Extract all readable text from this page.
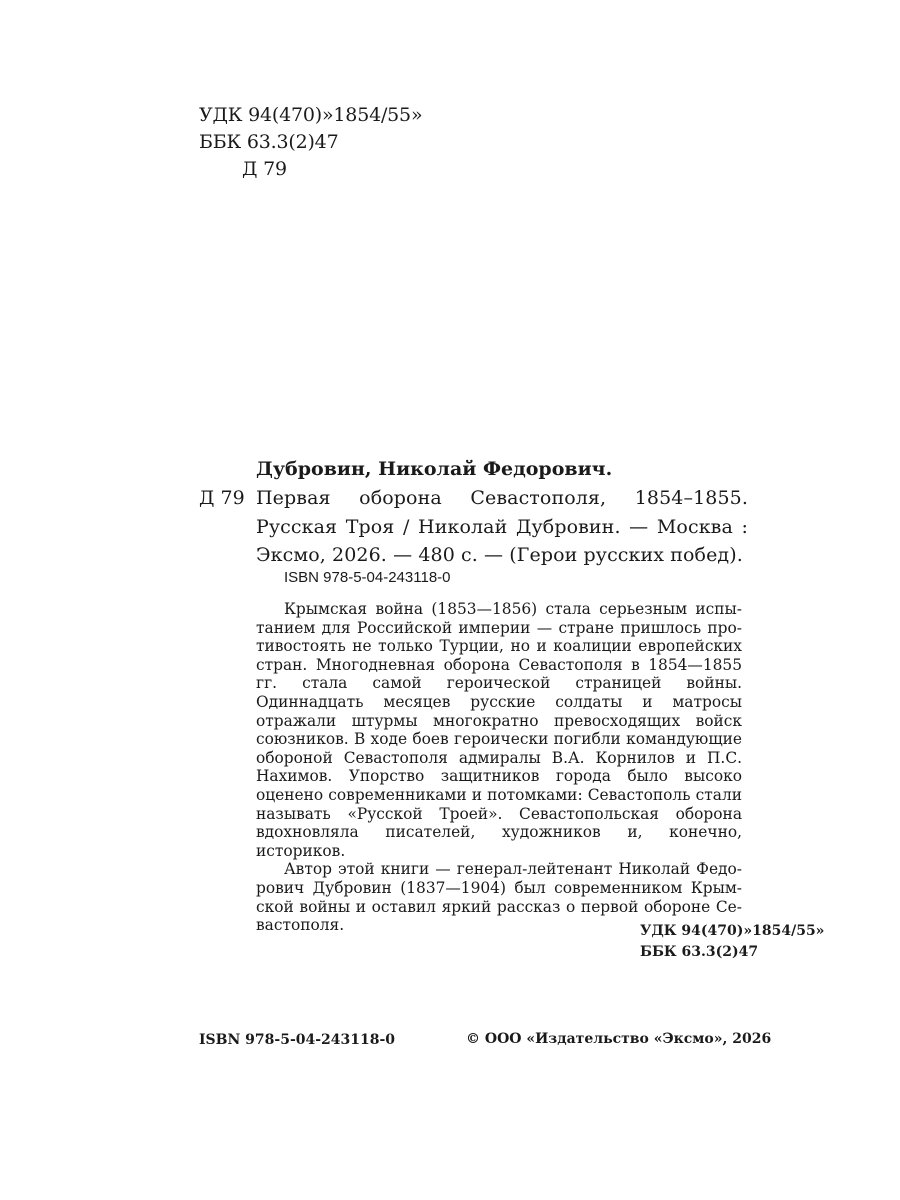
УДК 94(470)»1854/55»
ББК 63.3(2)47
Д 79
Дубровин, Николай Федорович.
Д 79 Первая оборона Севастополя, 1854–1855. Русская Троя / Николай Дубровин. — Москва : Эксмо, 2026. — 480 с. — (Герои русских побед).
ISBN 978-5-04-243118-0

Крымская война (1853—1856) стала серьезным испытанием для Российской империи — стране пришлось противостоять не только Турции, но и коалиции европейских стран. Многодневная оборона Севастополя в 1854—1855 гг. стала самой героической страницей войны. Одиннадцать месяцев русские солдаты и матросы отражали штурмы многократно превосходящих войск союзников. В ходе боев героически погибли командующие обороной Севастополя адмиралы В.А. Корнилов и П.С. Нахимов. Упорство защитников города было высоко оценено современниками и потомками: Севастополь стали называть «Русской Троей». Севастопольская оборона вдохновляла писателей, художников и, конечно, историков.

Автор этой книги — генерал-лейтенант Николай Федорович Дубровин (1837—1904) был современником Крымской войны и оставил яркий рассказ о первой обороне Севастополя.	УДК 94(470)»1854/55»
ББК 63.3(2)47
ISBN 978-5-04-243118-0	© ООО «Издательство «Эксмо», 2026
